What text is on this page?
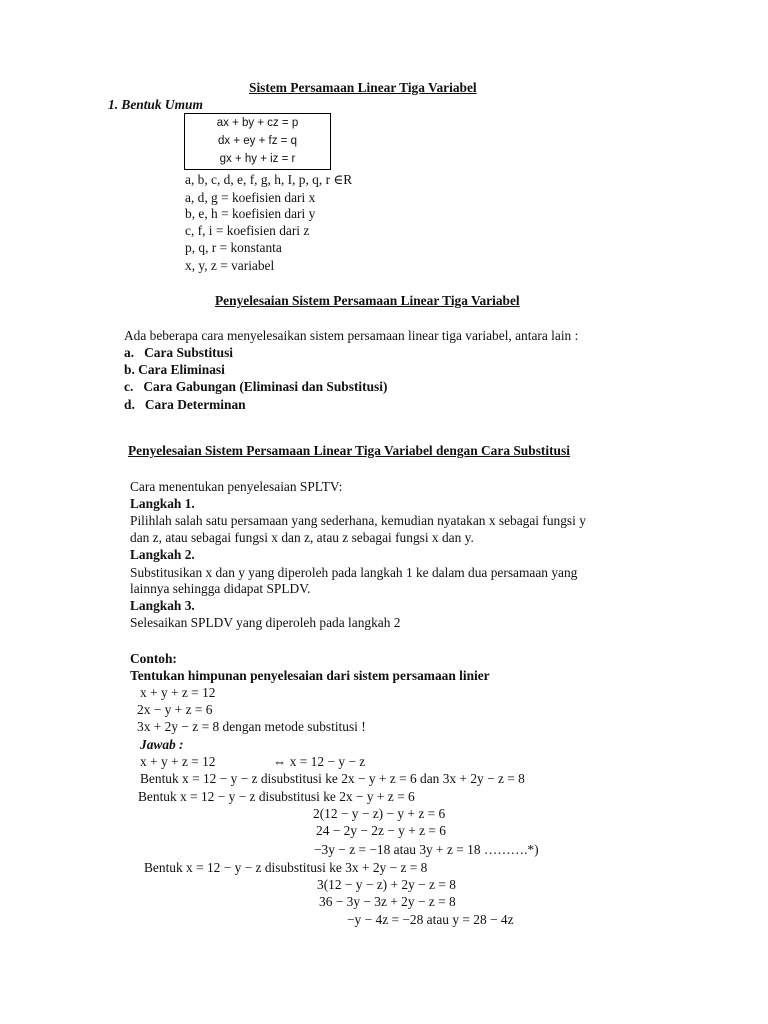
Sistem Persamaan Linear Tiga Variabel
1. Bentuk Umum
ax + by + cz = p
dx + ey + fz = q
gx + hy + iz = r
a, b, c, d, e, f, g, h, I, p, q, r ∈R
a, d, g = koefisien dari x
b, e, h = koefisien dari y
c, f, i = koefisien dari z
p, q, r = konstanta
x, y, z = variabel
Penyelesaian Sistem Persamaan Linear Tiga Variabel
Ada beberapa cara menyelesaikan sistem persamaan linear tiga variabel, antara lain :
a. Cara Substitusi
b. Cara Eliminasi
c. Cara Gabungan (Eliminasi dan Substitusi)
d. Cara Determinan
Penyelesaian Sistem Persamaan Linear Tiga Variabel dengan Cara Substitusi
Cara menentukan penyelesaian SPLTV:
Langkah 1.
Pilihlah salah satu persamaan yang sederhana, kemudian nyatakan x sebagai fungsi y
dan z, atau sebagai fungsi x dan z, atau z sebagai fungsi x dan y.
Langkah 2.
Substitusikan x dan y yang diperoleh pada langkah 1 ke dalam dua persamaan yang
lainnya sehingga didapat SPLDV.
Langkah 3.
Selesaikan SPLDV yang diperoleh pada langkah 2
Contoh:
Tentukan himpunan penyelesaian dari sistem persamaan linier
x + y + z = 12
2x − y + z = 6
3x + 2y − z = 8 dengan metode substitusi !
Jawab :
x + y + z = 12	⇔ x = 12 − y − z
Bentuk x = 12 − y − z disubstitusi ke 2x − y + z = 6 dan 3x + 2y − z = 8
Bentuk x = 12 − y − z disubstitusi ke 2x − y + z = 6
2(12 − y − z) − y + z = 6
24 − 2y − 2z − y + z = 6
−3y − z = −18 atau 3y + z = 18 ……….*)
Bentuk x = 12 − y − z disubstitusi ke 3x + 2y − z = 8
3(12 − y − z) + 2y − z = 8
36 − 3y − 3z + 2y − z = 8
−y − 4z = −28 atau y = 28 − 4z
